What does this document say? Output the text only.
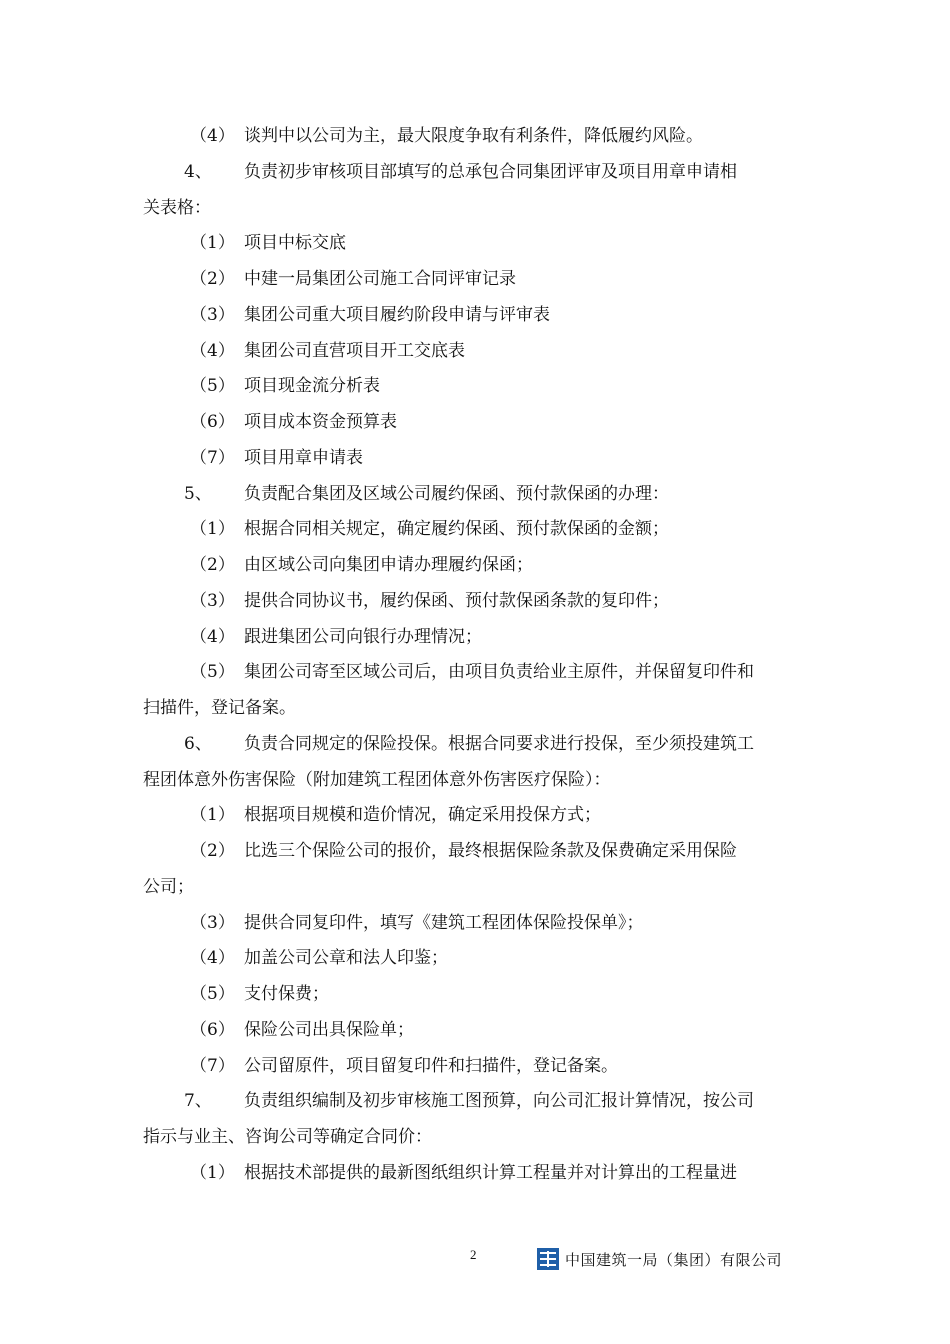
（4） 谈判中以公司为主，最大限度争取有利条件，降低履约风险。
4、 负责初步审核项目部填写的总承包合同集团评审及项目用章申请相
关表格：
（1） 项目中标交底
（2） 中建一局集团公司施工合同评审记录
（3） 集团公司重大项目履约阶段申请与评审表
（4） 集团公司直营项目开工交底表
（5） 项目现金流分析表
（6） 项目成本资金预算表
（7） 项目用章申请表
5、 负责配合集团及区域公司履约保函、预付款保函的办理：
（1） 根据合同相关规定，确定履约保函、预付款保函的金额；
（2） 由区域公司向集团申请办理履约保函；
（3） 提供合同协议书，履约保函、预付款保函条款的复印件；
（4） 跟进集团公司向银行办理情况；
（5） 集团公司寄至区域公司后，由项目负责给业主原件，并保留复印件和
扫描件，登记备案。
6、 负责合同规定的保险投保。根据合同要求进行投保，至少须投建筑工
程团体意外伤害保险（附加建筑工程团体意外伤害医疗保险）：
（1） 根据项目规模和造价情况，确定采用投保方式；
（2） 比选三个保险公司的报价，最终根据保险条款及保费确定采用保险
公司；
（3） 提供合同复印件，填写《建筑工程团体保险投保单》；
（4） 加盖公司公章和法人印鉴；
（5） 支付保费；
（6） 保险公司出具保险单；
（7） 公司留原件，项目留复印件和扫描件，登记备案。
7、 负责组织编制及初步审核施工图预算，向公司汇报计算情况，按公司
指示与业主、咨询公司等确定合同价：
（1） 根据技术部提供的最新图纸组织计算工程量并对计算出的工程量进
2	中国建筑一局（集团）有限公司
